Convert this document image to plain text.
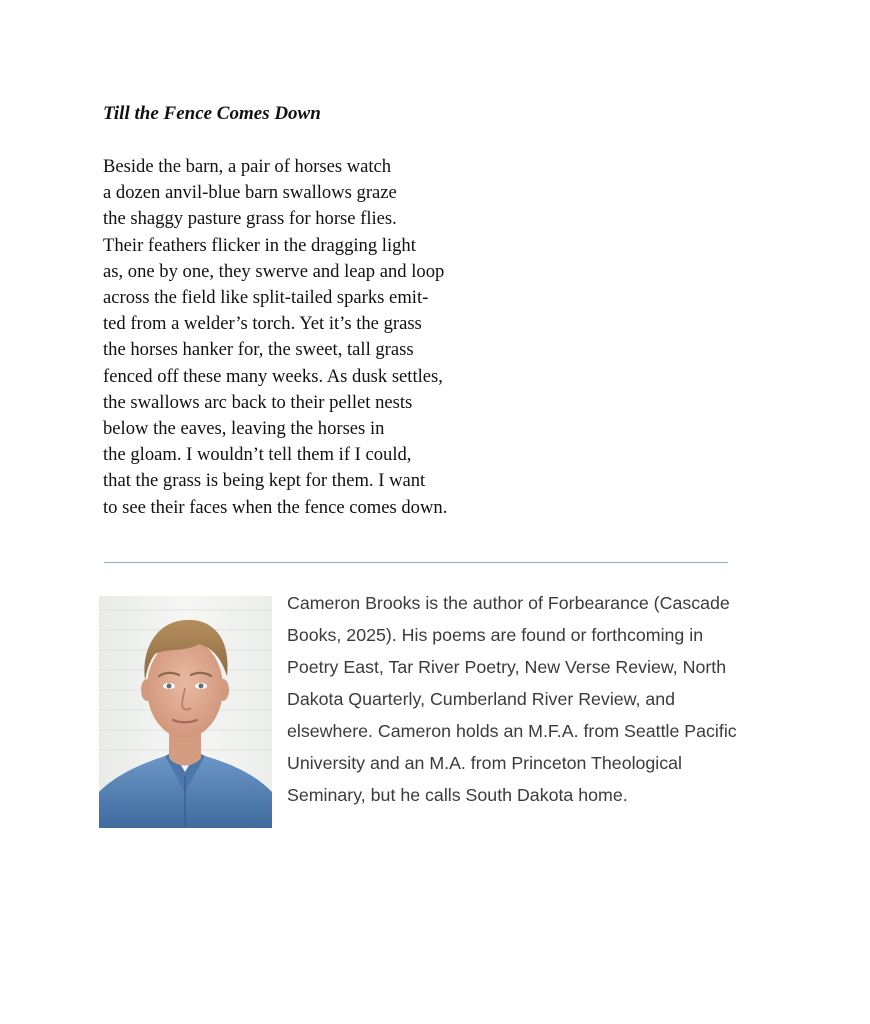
Till the Fence Comes Down
Beside the barn, a pair of horses watch
a dozen anvil-blue barn swallows graze
the shaggy pasture grass for horse flies.
Their feathers flicker in the dragging light
as, one by one, they swerve and leap and loop
across the field like split-tailed sparks emit-
ted from a welder’s torch. Yet it’s the grass
the horses hanker for, the sweet, tall grass
fenced off these many weeks. As dusk settles,
the swallows arc back to their pellet nests
below the eaves, leaving the horses in
the gloam. I wouldn’t tell them if I could,
that the grass is being kept for them. I want
to see their faces when the fence comes down.
Cameron Brooks is the author of Forbearance (Cascade
Books, 2025). His poems are found or forthcoming in
Poetry East, Tar River Poetry, New Verse Review, North
Dakota Quarterly, Cumberland River Review, and
elsewhere. Cameron holds an M.F.A. from Seattle Pacific
University and an M.A. from Princeton Theological
Seminary, but he calls South Dakota home.
